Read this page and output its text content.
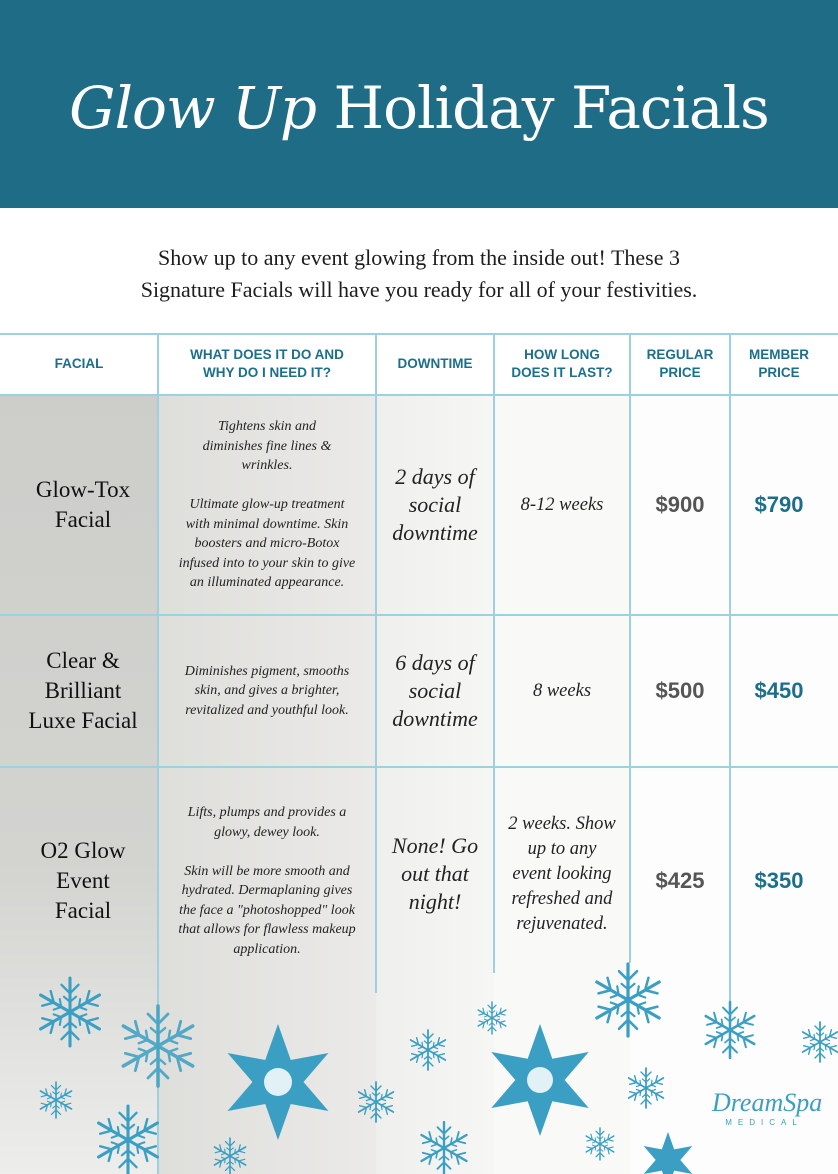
Glow Up Holiday Facials
Show up to any event glowing from the inside out! These 3
Signature Facials will have you ready for all of your festivities.
FACIAL
WHAT DOES IT DO AND
WHY DO I NEED IT?
DOWNTIME
HOW LONG
DOES IT LAST?
REGULAR
PRICE
MEMBER
PRICE
Glow-Tox
Facial
Tightens skin and
diminishes fine lines &
wrinkles.
Ultimate glow-up treatment
with minimal downtime. Skin
boosters and micro-Botox
infused into to your skin to give
an illuminated appearance.
2 days of
social
downtime
8-12 weeks $900 $790
Clear &
Brilliant
Luxe Facial
Diminishes pigment, smooths
skin, and gives a brighter,
revitalized and youthful look.
6 days of
social
downtime
8 weeks	$500 $450
O2 Glow
Event
Facial
Lifts, plumps and provides a
glowy, dewey look.
Skin will be more smooth and
hydrated. Dermaplaning gives
the face a "photoshopped" look
that allows for flawless makeup
application.
None! Go
out that
night!
2 weeks. Show
up to any
event looking
refreshed and
rejuvenated.
$425 $350
DreamSpa
MEDICAL
